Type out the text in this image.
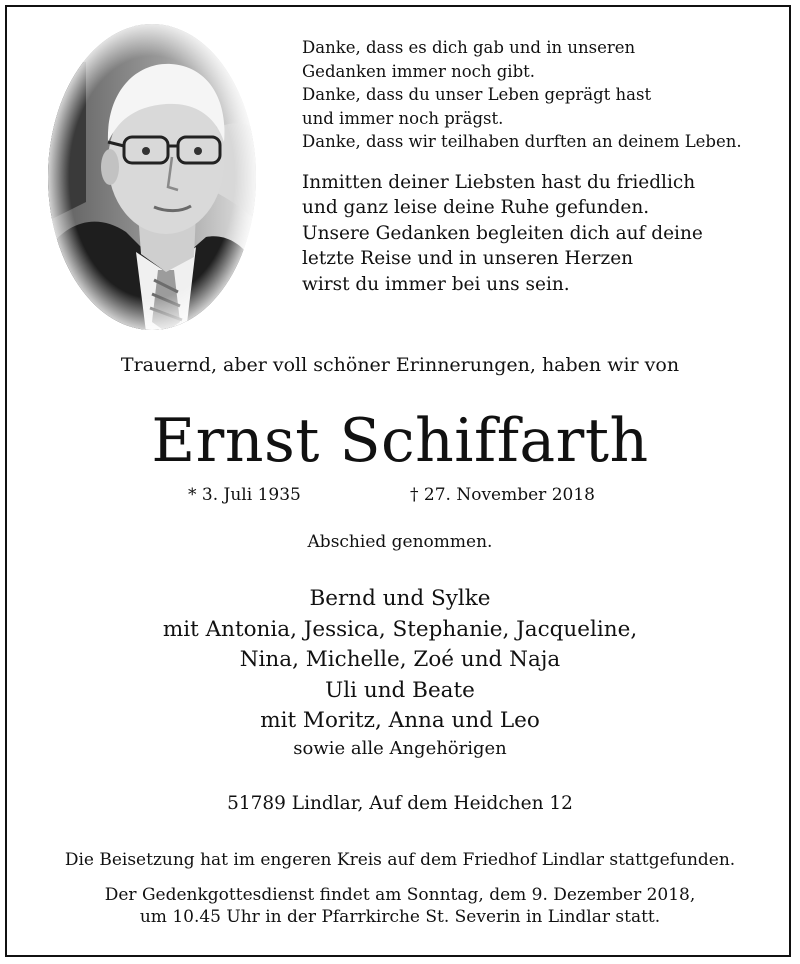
Danke, dass es dich gab und in unseren
Gedanken immer noch gibt.
Danke, dass du unser Leben geprägt hast
und immer noch prägst.
Danke, dass wir teilhaben durften an deinem Leben.

Inmitten deiner Liebsten hast du friedlich
und ganz leise deine Ruhe gefunden.
Unsere Gedanken begleiten dich auf deine
letzte Reise und in unseren Herzen
wirst du immer bei uns sein.

Trauernd, aber voll schöner Erinnerungen, haben wir von
Ernst Schiffarth
* 3. Juli 1935	† 27. November 2018
Abschied genommen.
Bernd und Sylke
mit Antonia, Jessica, Stephanie, Jacqueline,
Nina, Michelle, Zoé und Naja
Uli und Beate
mit Moritz, Anna und Leo
sowie alle Angehörigen
51789 Lindlar, Auf dem Heidchen 12
Die Beisetzung hat im engeren Kreis auf dem Friedhof Lindlar stattgefunden.
Der Gedenkgottesdienst findet am Sonntag, dem 9. Dezember 2018,
um 10.45 Uhr in der Pfarrkirche St. Severin in Lindlar statt.
